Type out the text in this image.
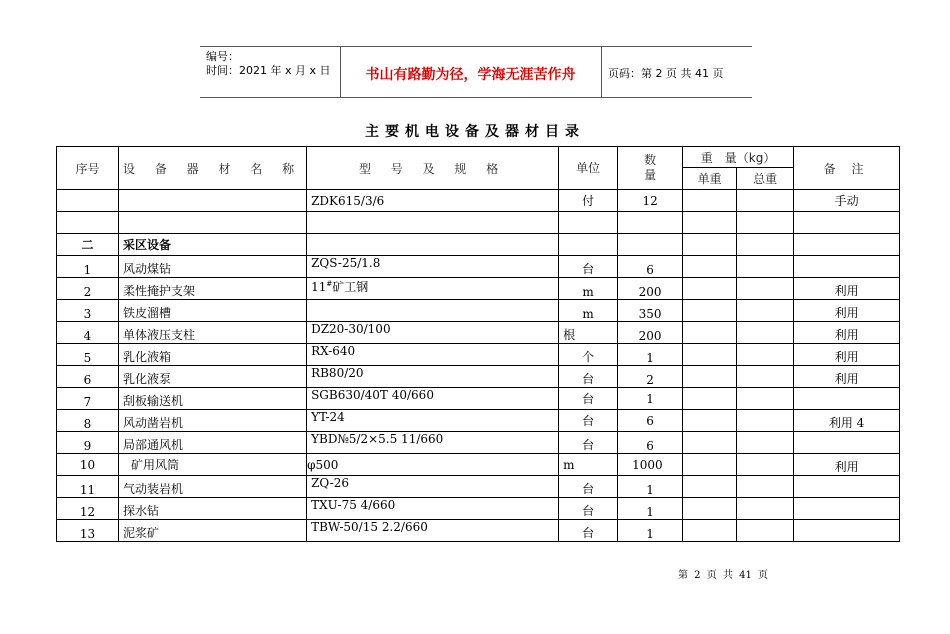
编号：
时间：2021 年 x 月 x 日	书山有路勤为径，学海无涯苦作舟	页码：第 2 页 共 41 页
主要机电设备及器材目录
序号	设 备 器 材 名 称	型 号 及 规 格	单位	数量	重　量（kg）		备 注
					单重	总重	
		ZDK615/3/6	付	12			手动

二	采区设备						
1	风动煤钻	ZQS-25/1.8	台	6			
2	柔性掩护支架	11#矿工钢	m	200			利用
3	铁皮溜槽		m	350			利用
4	单体液压支柱	DZ20-30/100	根	200			利用
5	乳化液箱	RX-640	个	1			利用
6	乳化液泵	RB80/20	台	2			利用
7	刮板输送机	SGB630/40T 40/660	台	1			
8	风动凿岩机	YT-24	台	6			利用 4
9	局部通风机	YBD№5/2×5.5 11/660	台	6			
10	矿用风筒	φ500	m	1000			利用
11	气动装岩机	ZQ-26	台	1			
12	探水钻	TXU-75 4/660	台	1			
13	泥浆矿	TBW-50/15 2.2/660	台	1			
第 2 页 共 41 页
